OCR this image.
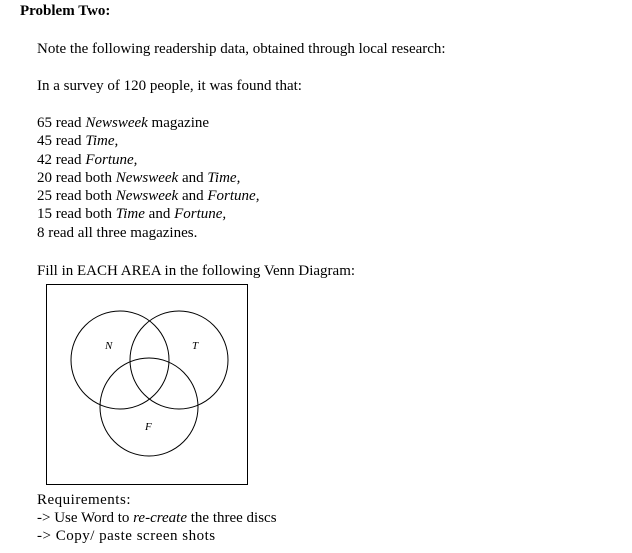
Problem Two:
Note the following readership data, obtained through local research:
In a survey of 120 people, it was found that:
65 read Newsweek magazine
45 read Time,
42 read Fortune,
20 read both Newsweek and Time,
25 read both Newsweek and Fortune,
15 read both Time and Fortune,
8 read all three magazines.
Fill in EACH AREA in the following Venn Diagram:
N	T
F
Requirements:
-> Use Word to re-create the three discs
-> Copy/ paste screen shots
